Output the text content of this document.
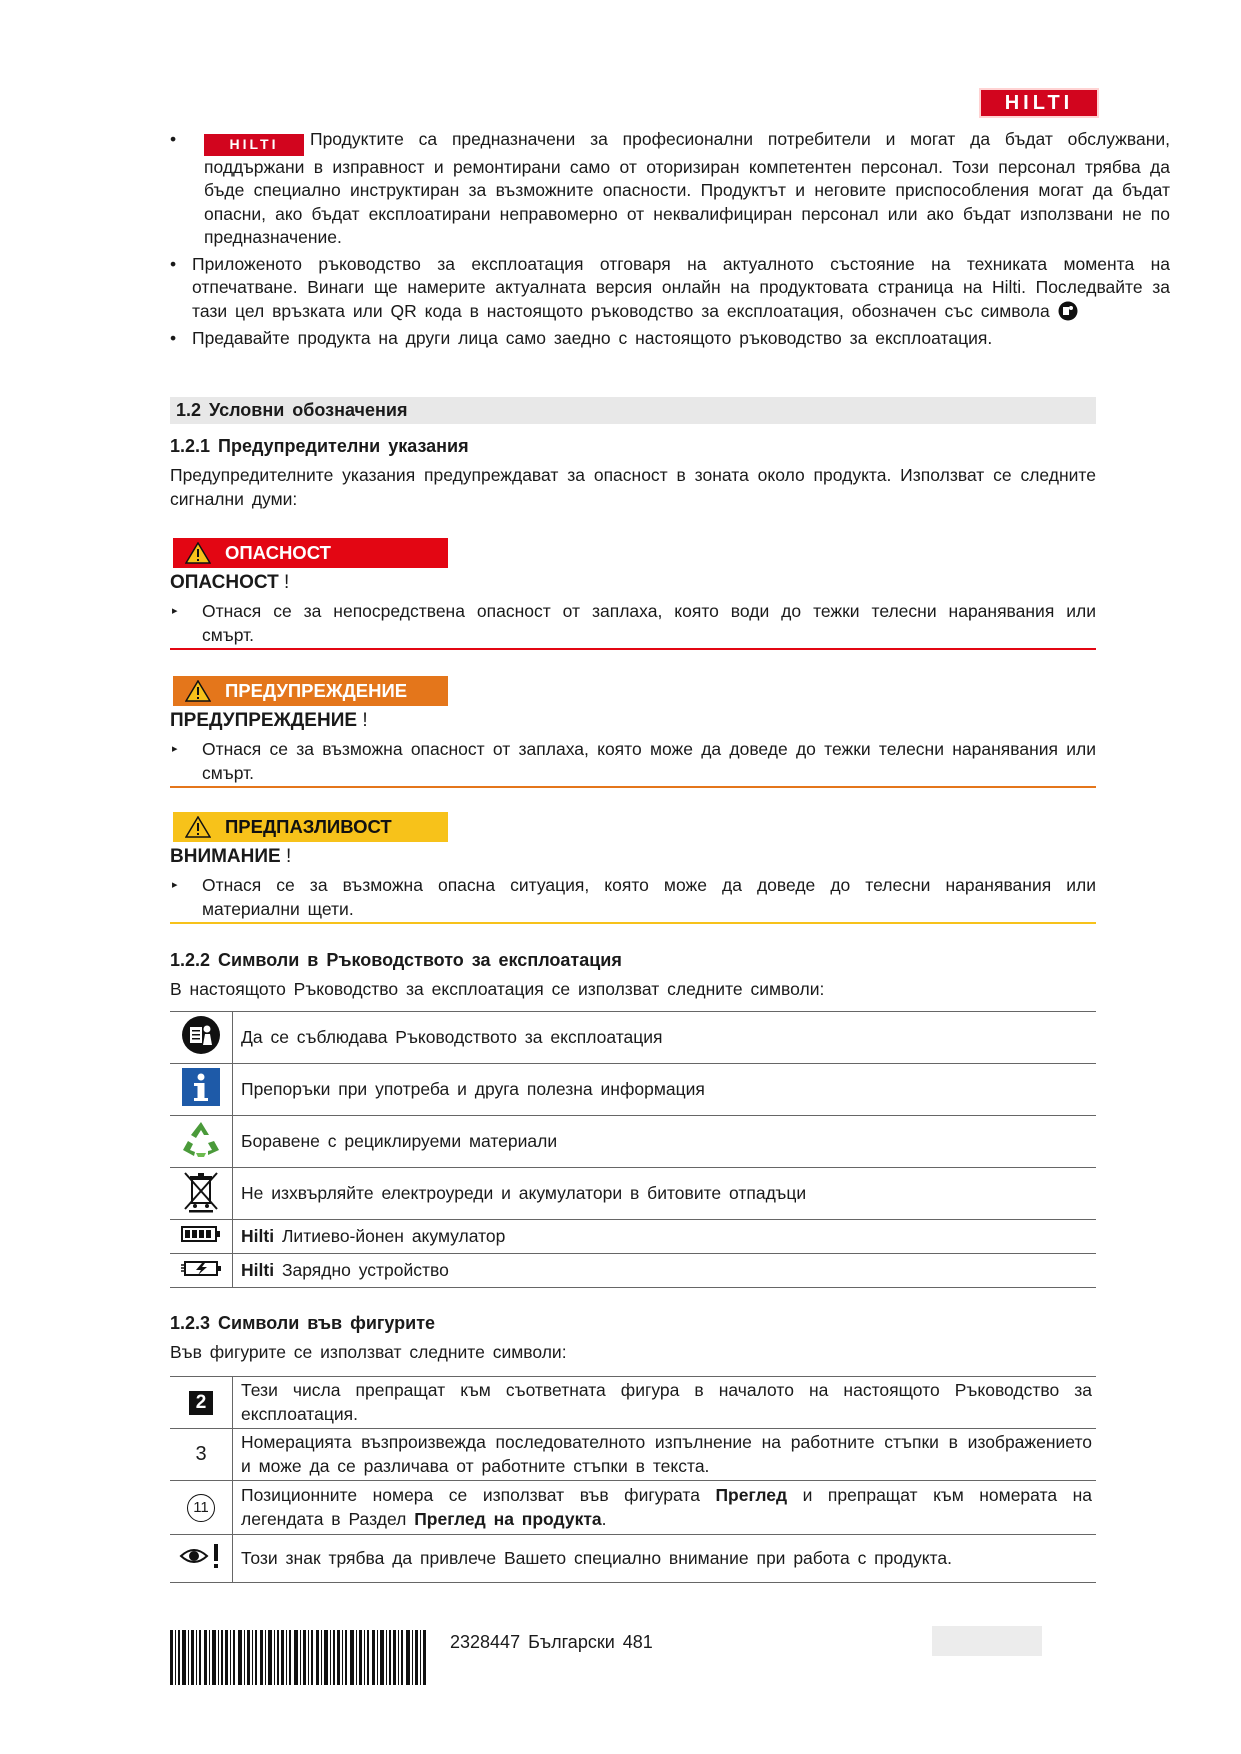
HILTI
•	HILTI Продуктите са предназначени за професионални потребители и могат да бъдат обслужвани, поддържани в изправност и ремонтирани само от оторизиран компетентен персонал. Този персонал трябва да бъде специално инструктиран за възможните опасности. Продуктът и неговите приспособления могат да бъдат опасни, ако бъдат експлоатирани неправомерно от неквалифициран персонал или ако бъдат използвани не по предназначение.
• Приложеното ръководство за експлоатация отговаря на актуалното състояние на техниката момента на отпечатване. Винаги ще намерите актуалната версия онлайн на продуктовата страница на Hilti. Последвайте за тази цел връзката или QR кода в настоящото ръководство за експлоатация, обозначен със символа
• Предавайте продукта на други лица само заедно с настоящото ръководство за експлоатация.
1.2 Условни обозначения
1.2.1 Предупредителни указания
Предупредителните указания предупреждават за опасност в зоната около продукта. Използват се следните сигнални думи:
ОПАСНОСТ
ОПАСНОСТ !
▸	Отнася се за непосредствена опасност от заплаха, която води до тежки телесни наранявания или смърт.
ПРЕДУПРЕЖДЕНИЕ
ПРЕДУПРЕЖДЕНИЕ !
▸	Отнася се за възможна опасност от заплаха, която може да доведе до тежки телесни наранявания или смърт.
ПРЕДПАЗЛИВОСТ
ВНИМАНИЕ !
▸	Отнася се за възможна опасна ситуация, която може да доведе до телесни наранявания или материални щети.
1.2.2 Символи в Ръководството за експлоатация
В настоящото Ръководство за експлоатация се използват следните символи:
	Да се съблюдава Ръководството за експлоатация
	Препоръки при употреба и друга полезна информация
	Боравене с рециклируеми материали
	Не изхвърляйте електроуреди и акумулатори в битовите отпадъци
	Hilti Литиево-йонен акумулатор
	Hilti Зарядно устройство
1.2.3 Символи във фигурите
Във фигурите се използват следните символи:
2	Тези числа препращат към съответната фигура в началото на настоящото Ръководство за експлоатация.
3	Номерацията възпроизвежда последователното изпълнение на работните стъпки в изображението и може да се различава от работните стъпки в текста.
11	Позиционните номера се използват във фигурата Преглед и препращат към номерата на легендата в Раздел Преглед на продукта.
	Този знак трябва да привлече Вашето специално внимание при работа с продукта.
2328447 Български 481
